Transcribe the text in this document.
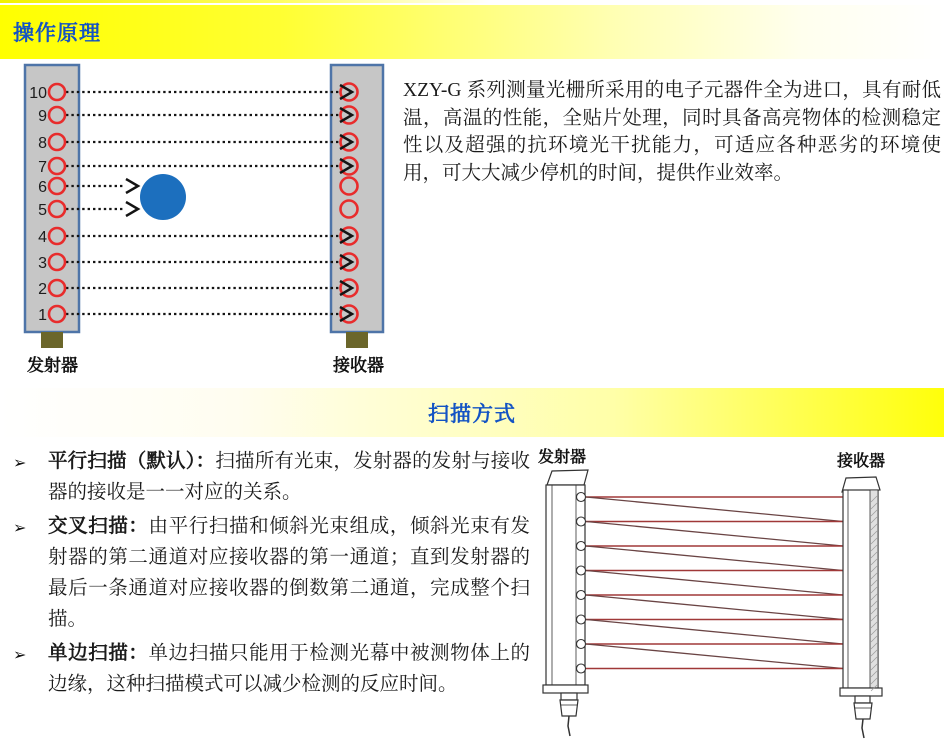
操作原理
10
9
8
7
6
5
4
3
2
1
发射器	接收器
XZY-G 系列测量光栅所采用的电子元器件全为进口，具有耐低温，高温的性能，全贴片处理，同时具备高亮物体的检测稳定性以及超强的抗环境光干扰能力，可适应各种恶劣的环境使用，可大大减少停机的时间，提供作业效率。
扫描方式
➢ 平行扫描（默认）：扫描所有光束，发射器的发射与接收器的接收是一一对应的关系。
➢ 交叉扫描：由平行扫描和倾斜光束组成，倾斜光束有发射器的第二通道对应接收器的第一通道；直到发射器的最后一条通道对应接收器的倒数第二通道，完成整个扫描。
➢ 单边扫描：单边扫描只能用于检测光幕中被测物体上的边缘，这种扫描模式可以减少检测的反应时间。
发射器	接收器
